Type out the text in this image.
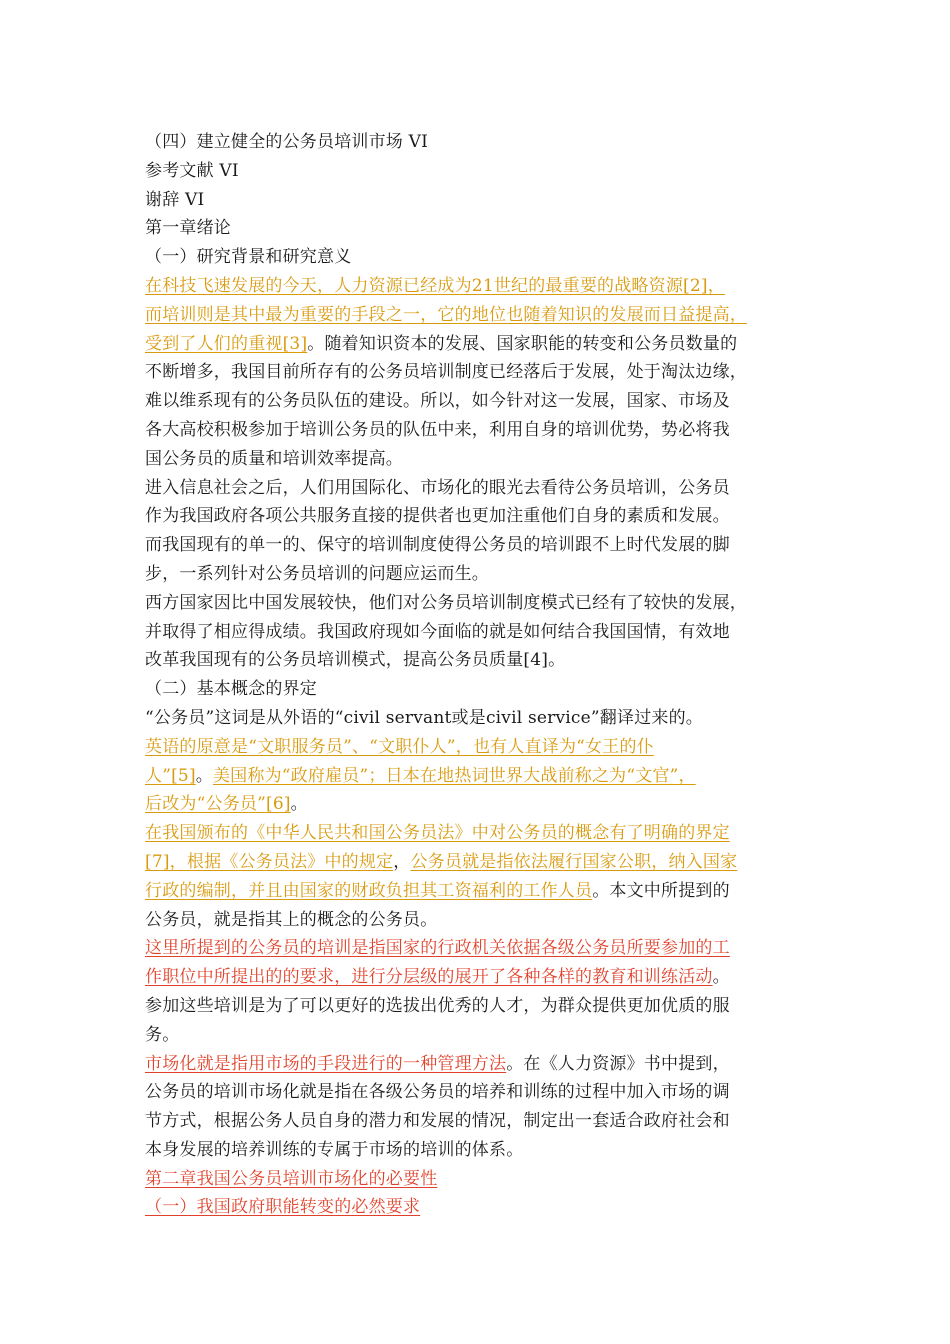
（四）建立健全的公务员培训市场 VI
参考文献 VI
谢辞 VI
第一章绪论
（一）研究背景和研究意义
在科技飞速发展的今天，人力资源已经成为21世纪的最重要的战略资源[2]，
而培训则是其中最为重要的手段之一，它的地位也随着知识的发展而日益提高，
受到了人们的重视[3]。随着知识资本的发展、国家职能的转变和公务员数量的
不断增多，我国目前所存有的公务员培训制度已经落后于发展，处于淘汰边缘，
难以维系现有的公务员队伍的建设。所以，如今针对这一发展，国家、市场及
各大高校积极参加于培训公务员的队伍中来，利用自身的培训优势，势必将我
国公务员的质量和培训效率提高。
进入信息社会之后，人们用国际化、市场化的眼光去看待公务员培训，公务员
作为我国政府各项公共服务直接的提供者也更加注重他们自身的素质和发展。
而我国现有的单一的、保守的培训制度使得公务员的培训跟不上时代发展的脚
步，一系列针对公务员培训的问题应运而生。
西方国家因比中国发展较快，他们对公务员培训制度模式已经有了较快的发展，
并取得了相应得成绩。我国政府现如今面临的就是如何结合我国国情，有效地
改革我国现有的公务员培训模式，提高公务员质量[4]。
（二）基本概念的界定
“公务员”这词是从外语的“civil servant或是civil service”翻译过来的。
英语的原意是“文职服务员”、“文职仆人”，也有人直译为“女王的仆
人”[5]。美国称为“政府雇员”；日本在地热词世界大战前称之为“文官”，
后改为“公务员”[6]。
在我国颁布的《中华人民共和国公务员法》中对公务员的概念有了明确的界定
[7]，根据《公务员法》中的规定，公务员就是指依法履行国家公职，纳入国家
行政的编制，并且由国家的财政负担其工资福利的工作人员。本文中所提到的
公务员，就是指其上的概念的公务员。
这里所提到的公务员的培训是指国家的行政机关依据各级公务员所要参加的工
作职位中所提出的的要求，进行分层级的展开了各种各样的教育和训练活动。
参加这些培训是为了可以更好的选拔出优秀的人才，为群众提供更加优质的服
务。
市场化就是指用市场的手段进行的一种管理方法。在《人力资源》书中提到，
公务员的培训市场化就是指在各级公务员的培养和训练的过程中加入市场的调
节方式，根据公务人员自身的潜力和发展的情况，制定出一套适合政府社会和
本身发展的培养训练的专属于市场的培训的体系。
第二章我国公务员培训市场化的必要性
（一）我国政府职能转变的必然要求
